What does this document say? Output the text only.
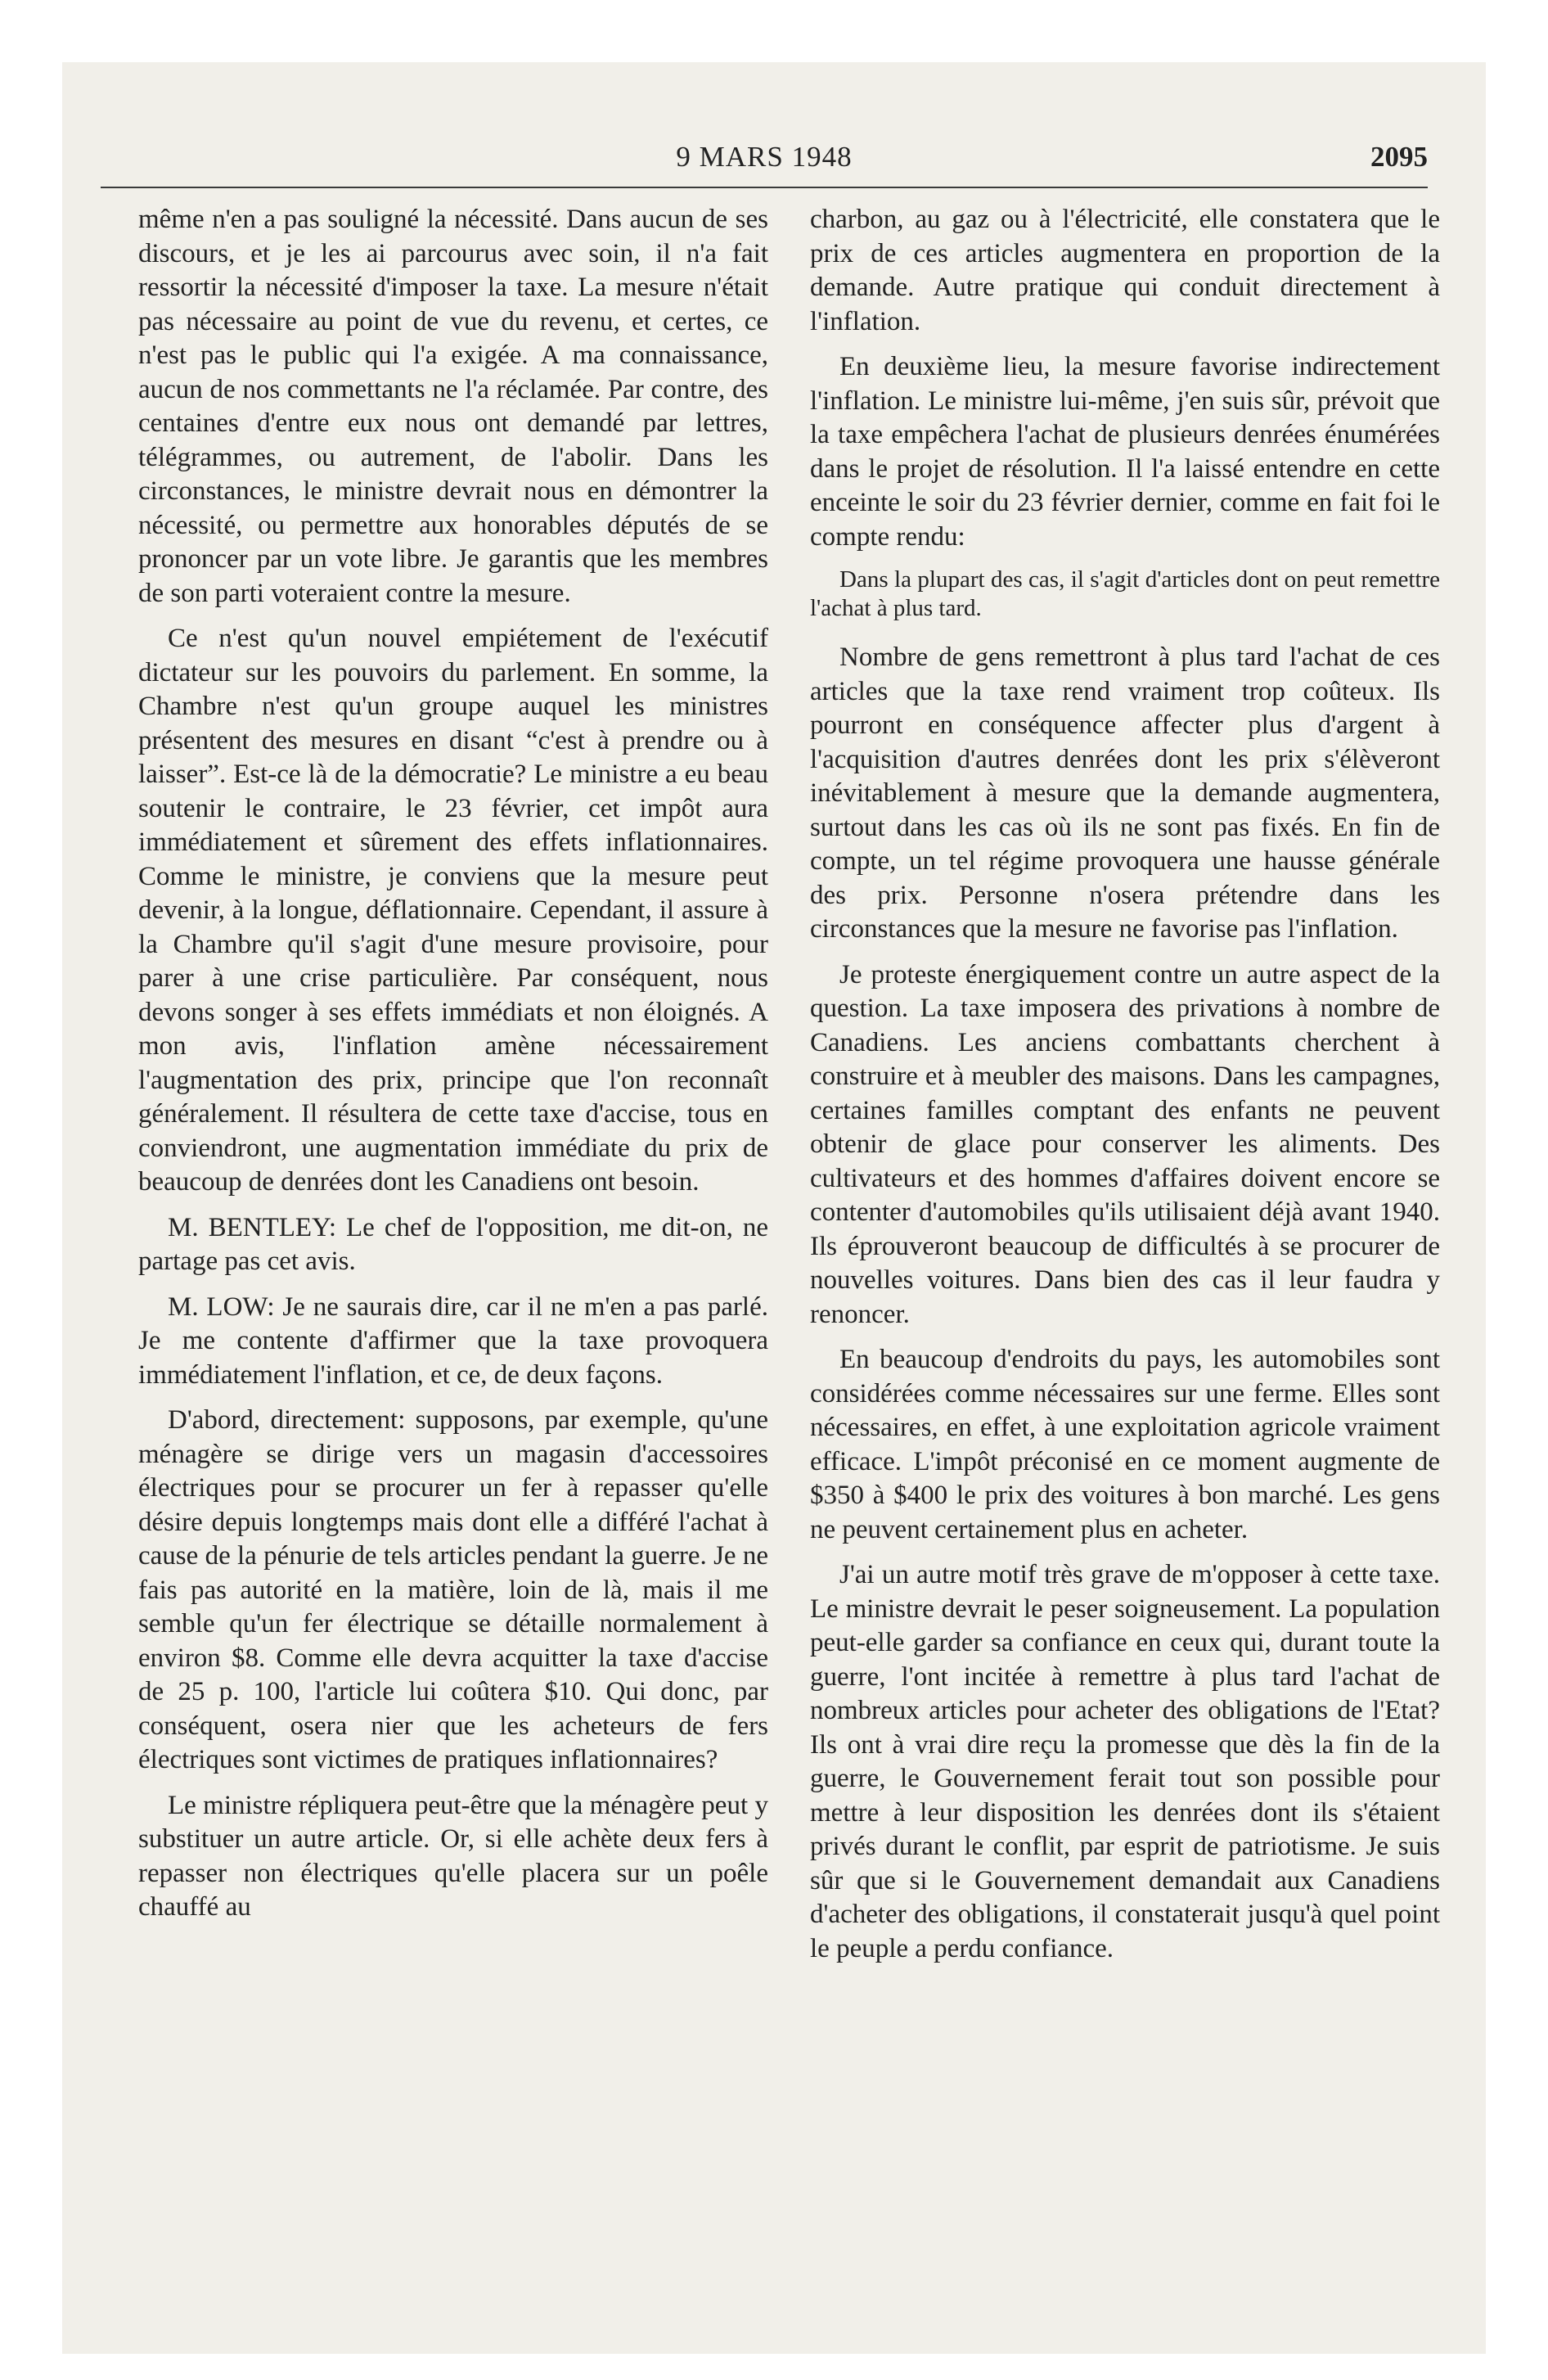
9 MARS 1948	2095

même n'en a pas souligné la nécessité. Dans aucun de ses discours, et je les ai parcourus avec soin, il n'a fait ressortir la nécessité d'imposer la taxe. La mesure n'était pas nécessaire au point de vue du revenu, et certes, ce n'est pas le public qui l'a exigée. A ma connaissance, aucun de nos commettants ne l'a réclamée. Par contre, des centaines d'entre eux nous ont demandé par lettres, télégrammes, ou autrement, de l'abolir. Dans les circonstances, le ministre devrait nous en démontrer la nécessité, ou permettre aux honorables députés de se prononcer par un vote libre. Je garantis que les membres de son parti voteraient contre la mesure.

Ce n'est qu'un nouvel empiétement de l'exécutif dictateur sur les pouvoirs du parlement. En somme, la Chambre n'est qu'un groupe auquel les ministres présentent des mesures en disant “c'est à prendre ou à laisser”. Est-ce là de la démocratie? Le ministre a eu beau soutenir le contraire, le 23 février, cet impôt aura immédiatement et sûrement des effets inflationnaires. Comme le ministre, je conviens que la mesure peut devenir, à la longue, déflationnaire. Cependant, il assure à la Chambre qu'il s'agit d'une mesure provisoire, pour parer à une crise particulière. Par conséquent, nous devons songer à ses effets immédiats et non éloignés. A mon avis, l'inflation amène nécessairement l'augmentation des prix, principe que l'on reconnaît généralement. Il résultera de cette taxe d'accise, tous en conviendront, une augmentation immédiate du prix de beaucoup de denrées dont les Canadiens ont besoin.

M. BENTLEY: Le chef de l'opposition, me dit-on, ne partage pas cet avis.

M. LOW: Je ne saurais dire, car il ne m'en a pas parlé. Je me contente d'affirmer que la taxe provoquera immédiatement l'inflation, et ce, de deux façons.

D'abord, directement: supposons, par exemple, qu'une ménagère se dirige vers un magasin d'accessoires électriques pour se procurer un fer à repasser qu'elle désire depuis longtemps mais dont elle a différé l'achat à cause de la pénurie de tels articles pendant la guerre. Je ne fais pas autorité en la matière, loin de là, mais il me semble qu'un fer électrique se détaille normalement à environ $8. Comme elle devra acquitter la taxe d'accise de 25 p. 100, l'article lui coûtera $10. Qui donc, par conséquent, osera nier que les acheteurs de fers électriques sont victimes de pratiques inflationnaires?

Le ministre répliquera peut-être que la ménagère peut y substituer un autre article. Or, si elle achète deux fers à repasser non électriques qu'elle placera sur un poêle chauffé au

charbon, au gaz ou à l'électricité, elle constatera que le prix de ces articles augmentera en proportion de la demande. Autre pratique qui conduit directement à l'inflation.

En deuxième lieu, la mesure favorise indirectement l'inflation. Le ministre lui-même, j'en suis sûr, prévoit que la taxe empêchera l'achat de plusieurs denrées énumérées dans le projet de résolution. Il l'a laissé entendre en cette enceinte le soir du 23 février dernier, comme en fait foi le compte rendu:

Dans la plupart des cas, il s'agit d'articles dont on peut remettre l'achat à plus tard.

Nombre de gens remettront à plus tard l'achat de ces articles que la taxe rend vraiment trop coûteux. Ils pourront en conséquence affecter plus d'argent à l'acquisition d'autres denrées dont les prix s'élèveront inévitablement à mesure que la demande augmentera, surtout dans les cas où ils ne sont pas fixés. En fin de compte, un tel régime provoquera une hausse générale des prix. Personne n'osera prétendre dans les circonstances que la mesure ne favorise pas l'inflation.

Je proteste énergiquement contre un autre aspect de la question. La taxe imposera des privations à nombre de Canadiens. Les anciens combattants cherchent à construire et à meubler des maisons. Dans les campagnes, certaines familles comptant des enfants ne peuvent obtenir de glace pour conserver les aliments. Des cultivateurs et des hommes d'affaires doivent encore se contenter d'automobiles qu'ils utilisaient déjà avant 1940. Ils éprouveront beaucoup de difficultés à se procurer de nouvelles voitures. Dans bien des cas il leur faudra y renoncer.

En beaucoup d'endroits du pays, les automobiles sont considérées comme nécessaires sur une ferme. Elles sont nécessaires, en effet, à une exploitation agricole vraiment efficace. L'impôt préconisé en ce moment augmente de $350 à $400 le prix des voitures à bon marché. Les gens ne peuvent certainement plus en acheter.

J'ai un autre motif très grave de m'opposer à cette taxe. Le ministre devrait le peser soigneusement. La population peut-elle garder sa confiance en ceux qui, durant toute la guerre, l'ont incitée à remettre à plus tard l'achat de nombreux articles pour acheter des obligations de l'Etat? Ils ont à vrai dire reçu la promesse que dès la fin de la guerre, le Gouvernement ferait tout son possible pour mettre à leur disposition les denrées dont ils s'étaient privés durant le conflit, par esprit de patriotisme. Je suis sûr que si le Gouvernement demandait aux Canadiens d'acheter des obligations, il constaterait jusqu'à quel point le peuple a perdu confiance.
